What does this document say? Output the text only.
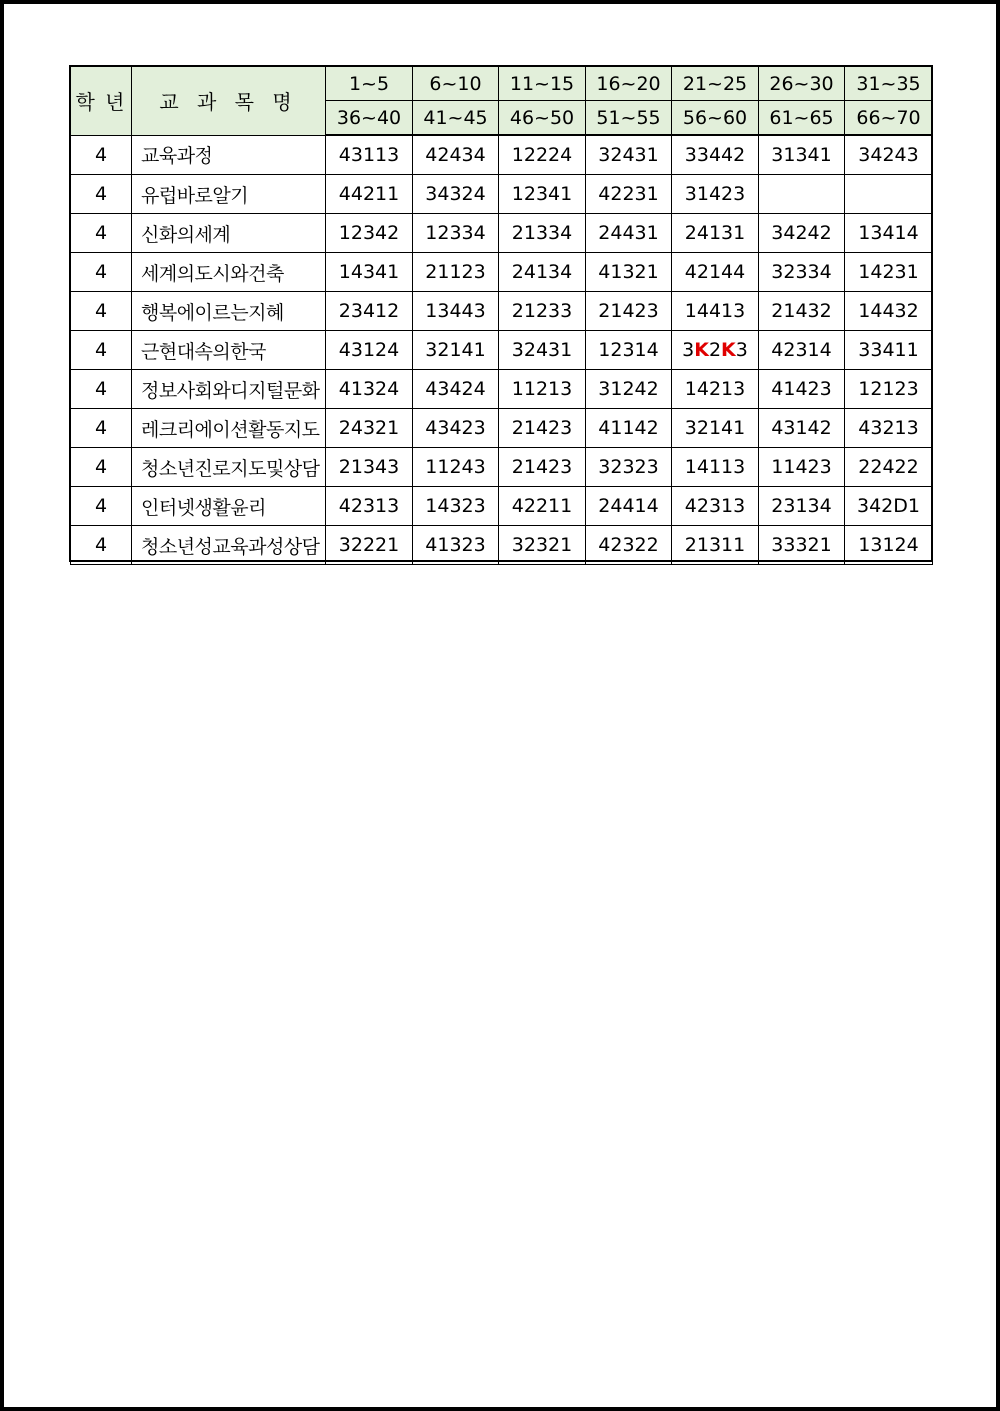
학 년	교 과 목 명	1~5	6~10	11~15	16~20	21~25	26~30	31~35
		36~40	41~45	46~50	51~55	56~60	61~65	66~70
4	교육과정	43113	42434	12224	32431	33442	31341	34243
4	유럽바로알기	44211	34324	12341	42231	31423		
4	신화의세계	12342	12334	21334	24431	24131	34242	13414
4	세계의도시와건축	14341	21123	24134	41321	42144	32334	14231
4	행복에이르는지혜	23412	13443	21233	21423	14413	21432	14432
4	근현대속의한국	43124	32141	32431	12314	3K2K3	42314	33411
4	정보사회와디지털문화	41324	43424	11213	31242	14213	41423	12123
4	레크리에이션활동지도	24321	43423	21423	41142	32141	43142	43213
4	청소년진로지도및상담	21343	11243	21423	32323	14113	11423	22422
4	인터넷생활윤리	42313	14323	42211	24414	42313	23134	342D1
4	청소년성교육과성상담	32221	41323	32321	42322	21311	33321	13124
